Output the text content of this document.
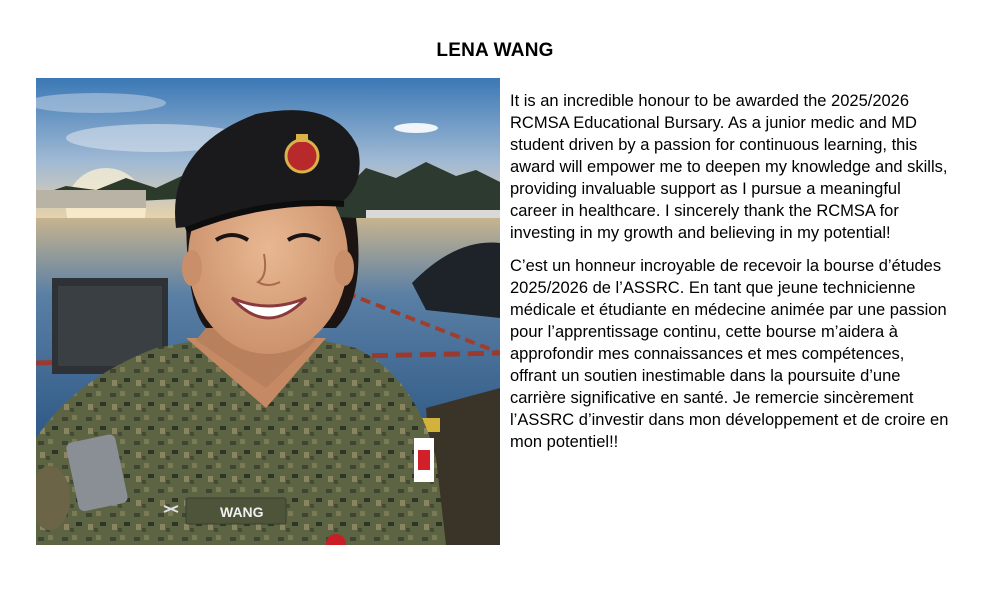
LENA WANG
WANG

It is an incredible honour to be awarded the 2025/2026 RCMSA Educational Bursary. As a junior medic and MD student driven by a passion for continuous learning, this award will empower me to deepen my knowledge and skills, providing invaluable support as I pursue a meaningful career in healthcare. I sincerely thank the RCMSA for investing in my growth and believing in my potential!

C’est un honneur incroyable de recevoir la bourse d’études 2025/2026 de l’ASSRC. En tant que jeune technicienne médicale et étudiante en médecine animée par une passion pour l’apprentissage continu, cette bourse m’aidera à approfondir mes connaissances et mes compétences, offrant un soutien inestimable dans la poursuite d’une carrière significative en santé. Je remercie sincèrement l’ASSRC d’investir dans mon développement et de croire en mon potentiel!!
